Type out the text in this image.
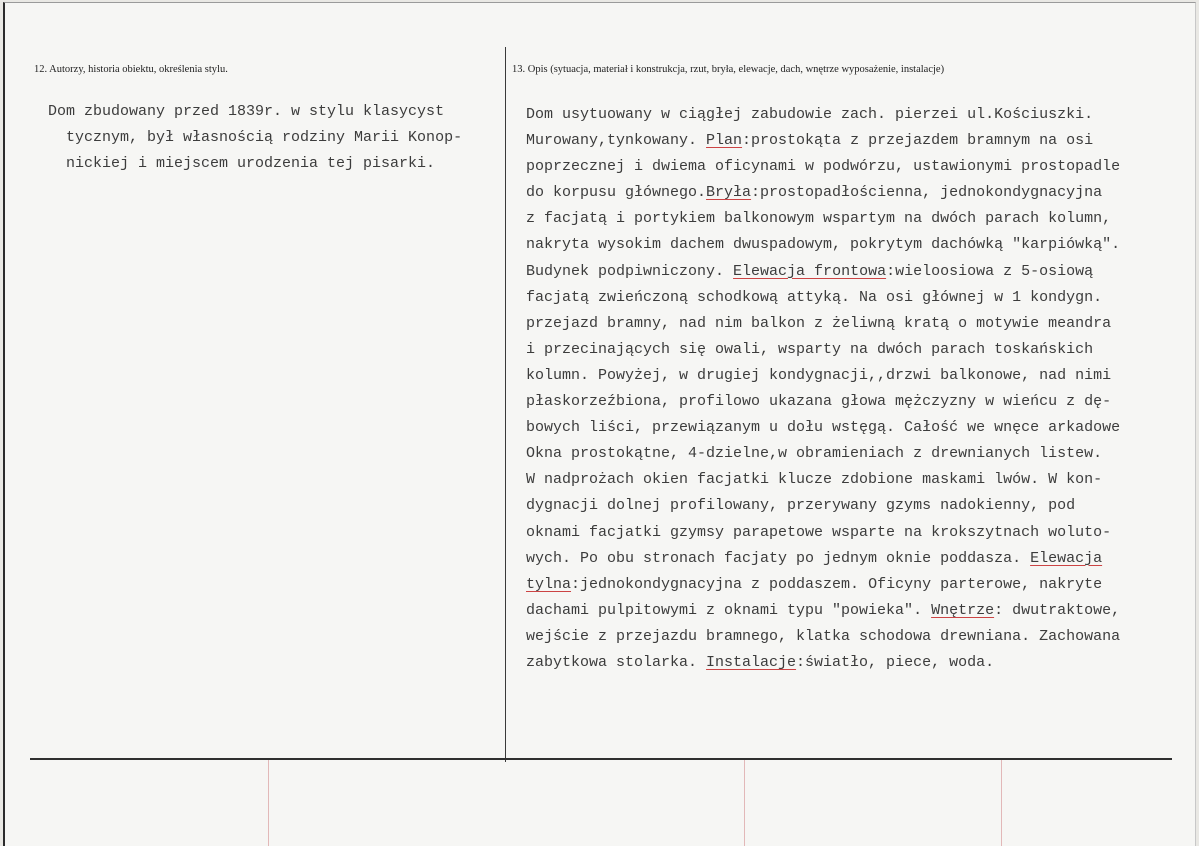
12. Autorzy, historia obiektu, określenia stylu.	13. Opis (sytuacja, materiał i konstrukcja, rzut, bryła, elewacje, dach, wnętrze wyposażenie, instalacje)
Dom zbudowany przed 1839r. w stylu klasycyst
tycznym, był własnością rodziny Marii Konop-
nickiej i miejscem urodzenia tej pisarki.
Dom usytuowany w ciągłej zabudowie zach. pierzei ul.Kościuszki.
Murowany,tynkowany. Plan:prostokąta z przejazdem bramnym na osi
poprzecznej i dwiema oficynami w podwórzu, ustawionymi prostopadle
do korpusu głównego.Bryła:prostopadłościenna, jednokondygnacyjna
z facjatą i portykiem balkonowym wspartym na dwóch parach kolumn,
nakryta wysokim dachem dwuspadowym, pokrytym dachówką "karpiówką".
Budynek podpiwniczony. Elewacja frontowa:wieloosiowa z 5-osiową
facjatą zwieńczoną schodkową attyką. Na osi głównej w 1 kondygn.
przejazd bramny, nad nim balkon z żeliwną kratą o motywie meandra
i przecinających się owali, wsparty na dwóch parach toskańskich
kolumn. Powyżej, w drugiej kondygnacji,,drzwi balkonowe, nad nimi
płaskorzeźbiona, profilowo ukazana głowa mężczyzny w wieńcu z dę-
bowych liści, przewiązanym u dołu wstęgą. Całość we wnęce arkadowe
Okna prostokątne, 4-dzielne,w obramieniach z drewnianych listew.
W nadprożach okien facjatki klucze zdobione maskami lwów. W kon-
dygnacji dolnej profilowany, przerywany gzyms nadokienny, pod
oknami facjatki gzymsy parapetowe wsparte na krokszytnach woluto-
wych. Po obu stronach facjaty po jednym oknie poddasza. Elewacja
tylna:jednokondygnacyjna z poddaszem. Oficyny parterowe, nakryte
dachami pulpitowymi z oknami typu "powieka". Wnętrze: dwutraktowe,
wejście z przejazdu bramnego, klatka schodowa drewniana. Zachowana
zabytkowa stolarka. Instalacje:światło, piece, woda.
